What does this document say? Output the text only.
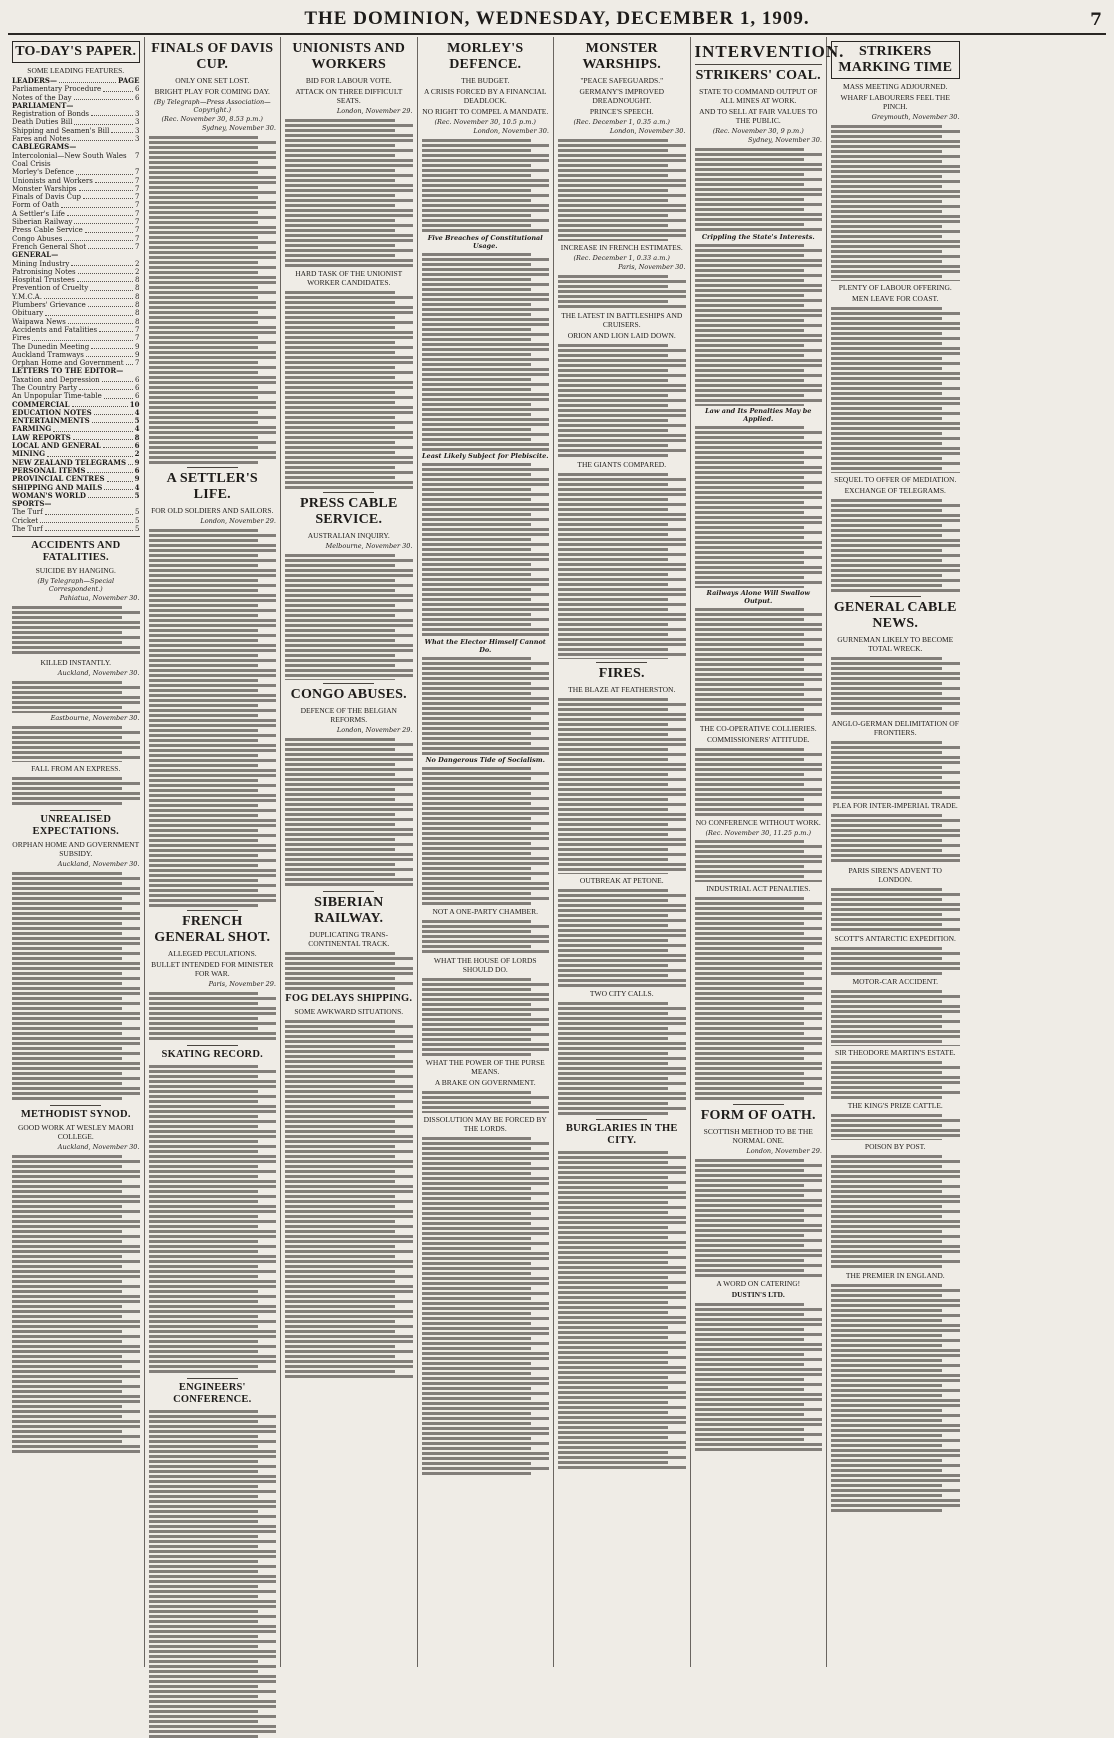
THE DOMINION, WEDNESDAY, DECEMBER 1, 1909.	7
TO-DAY'S PAPER.
SOME LEADING FEATURES.
LEADERS—	PAGE
Parliamentary Procedure	6
Notes of the Day	6
PARLIAMENT—
Registration of Bonds	3
Death Duties Bill	3
Shipping and Seamen's Bill	3
Fares and Notes	3
CABLEGRAMS—
Intercolonial—New South Wales Coal Crisis
7
Morley's Defence	7
Unionists and Workers	7
Monster Warships	7
Finals of Davis Cup	7
Form of Oath	7
A Settler's Life	7
Siberian Railway	7
Press Cable Service	7
Congo Abuses	7
French General Shot	7
GENERAL—
Mining Industry	2
Patronising Notes	2
Hospital Trustees	8
Prevention of Cruelty	8
Y.M.C.A.	8
Plumbers' Grievance	8
Obituary	8
Waipawa News	8
Accidents and Fatalities	7
Fires	7
The Dunedin Meeting	9
Auckland Tramways	9
Orphan Home and Government 7
LETTERS TO THE EDITOR—
Taxation and Depression	6
The Country Party	6
An Unpopular Time-table	6
COMMERCIAL	10
EDUCATION NOTES	4
ENTERTAINMENTS	5
FARMING	4
LAW REPORTS	8
LOCAL AND GENERAL	6
MINING	2
NEW ZEALAND TELEGRAMS 9
PERSONAL ITEMS	6
PROVINCIAL CENTRES	9
SHIPPING AND MAILS	4
WOMAN'S WORLD	5
SPORTS—
The Turf	5
Cricket	5
The Turf	5
ACCIDENTS AND FATALITIES.
SUICIDE BY HANGING.
(By Telegraph—Special Correspondent.)
Pahiatua, November 30.
KILLED INSTANTLY.
Auckland, November 30.
Eastbourne, November 30.
FALL FROM AN EXPRESS.
UNREALISED EXPECTATIONS.
ORPHAN HOME AND GOVERNMENT SUBSIDY.
Auckland, November 30.
METHODIST SYNOD.
GOOD WORK AT WESLEY MAORI COLLEGE.
Auckland, November 30.
FINALS OF DAVIS CUP.
ONLY ONE SET LOST.
BRIGHT PLAY FOR COMING DAY.
(By Telegraph—Press Association—Copyright.)
(Rec. November 30, 8.53 p.m.)
Sydney, November 30.
A SETTLER'S LIFE.
FOR OLD SOLDIERS AND SAILORS.
London, November 29.
FRENCH GENERAL SHOT.
ALLEGED PECULATIONS.
BULLET INTENDED FOR MINISTER FOR WAR.
Paris, November 29.
SKATING RECORD.
ENGINEERS' CONFERENCE.
UNIONISTS AND WORKERS
BID FOR LABOUR VOTE.
ATTACK ON THREE DIFFICULT SEATS.
London, November 29.
HARD TASK OF THE UNIONIST WORKER CANDIDATES.
PRESS CABLE SERVICE.
AUSTRALIAN INQUIRY.
Melbourne, November 30.
CONGO ABUSES.
DEFENCE OF THE BELGIAN REFORMS.
London, November 29.
SIBERIAN RAILWAY.
DUPLICATING TRANS-CONTINENTAL TRACK.
FOG DELAYS SHIPPING.
SOME AWKWARD SITUATIONS.
MORLEY'S DEFENCE.
THE BUDGET.
A CRISIS FORCED BY A FINANCIAL DEADLOCK.
NO RIGHT TO COMPEL A MANDATE.
(Rec. November 30, 10.5 p.m.)
London, November 30.
Five Breaches of Constitutional Usage.
Least Likely Subject for Plebiscite.
What the Elector Himself Cannot Do.
No Dangerous Tide of Socialism.
NOT A ONE-PARTY CHAMBER.
WHAT THE HOUSE OF LORDS SHOULD DO.
WHAT THE POWER OF THE PURSE MEANS.
A BRAKE ON GOVERNMENT.
DISSOLUTION MAY BE FORCED BY THE LORDS.
MONSTER WARSHIPS.
"PEACE SAFEGUARDS."
GERMANY'S IMPROVED DREADNOUGHT.
PRINCE'S SPEECH.
(Rec. December 1, 0.35 a.m.)
London, November 30.
INCREASE IN FRENCH ESTIMATES.
(Rec. December 1, 0.33 a.m.)
Paris, November 30.
THE LATEST IN BATTLESHIPS AND CRUISERS.
ORION AND LION LAID DOWN.
THE GIANTS COMPARED.
FIRES.
THE BLAZE AT FEATHERSTON.
OUTBREAK AT PETONE.
TWO CITY CALLS.
BURGLARIES IN THE CITY.
INTERVENTION.
STRIKERS' COAL.
STATE TO COMMAND OUTPUT OF ALL MINES AT WORK.
AND TO SELL AT FAIR VALUES TO THE PUBLIC.
(Rec. November 30, 9 p.m.)
Sydney, November 30.
Crippling the State's Interests.
Law and Its Penalties May be Applied.
Railways Alone Will Swallow Output.
THE CO-OPERATIVE COLLIERIES.
COMMISSIONERS' ATTITUDE.
NO CONFERENCE WITHOUT WORK.
(Rec. November 30, 11.25 p.m.)
INDUSTRIAL ACT PENALTIES.
FORM OF OATH.
SCOTTISH METHOD TO BE THE NORMAL ONE.
London, November 29.
A WORD ON CATERING!
DUSTIN'S LTD.
STRIKERS MARKING TIME
MASS MEETING ADJOURNED.
WHARF LABOURERS FEEL THE PINCH.
Greymouth, November 30.
PLENTY OF LABOUR OFFERING.
MEN LEAVE FOR COAST.
SEQUEL TO OFFER OF MEDIATION.
EXCHANGE OF TELEGRAMS.
GENERAL CABLE NEWS.
GURNEMAN LIKELY TO BECOME TOTAL WRECK.
ANGLO-GERMAN DELIMITATION OF FRONTIERS.
PLEA FOR INTER-IMPERIAL TRADE.
PARIS SIREN'S ADVENT TO LONDON.
SCOTT'S ANTARCTIC EXPEDITION.
MOTOR-CAR ACCIDENT.
SIR THEODORE MARTIN'S ESTATE.
THE KING'S PRIZE CATTLE.
POISON BY POST.
THE PREMIER IN ENGLAND.
